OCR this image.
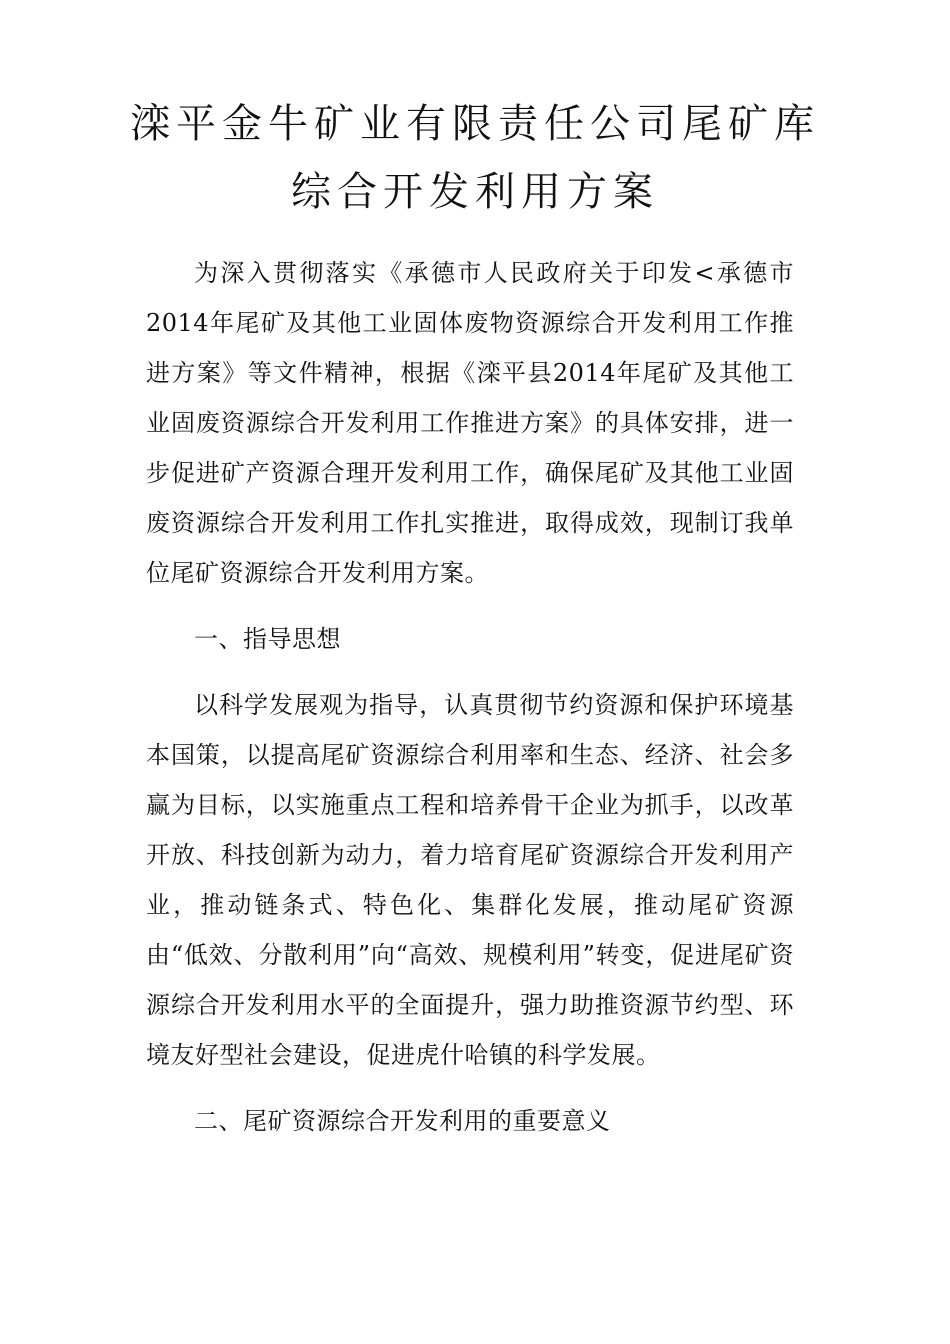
滦平金牛矿业有限责任公司尾矿库
综合开发利用方案

为深入贯彻落实《承德市人民政府关于印发<承德市2014年尾矿及其他工业固体废物资源综合开发利用工作推进方案》等文件精神，根据《滦平县2014年尾矿及其他工业固废资源综合开发利用工作推进方案》的具体安排，进一步促进矿产资源合理开发利用工作，确保尾矿及其他工业固废资源综合开发利用工作扎实推进，取得成效，现制订我单位尾矿资源综合开发利用方案。

一、指导思想

以科学发展观为指导，认真贯彻节约资源和保护环境基本国策，以提高尾矿资源综合利用率和生态、经济、社会多赢为目标，以实施重点工程和培养骨干企业为抓手，以改革开放、科技创新为动力，着力培育尾矿资源综合开发利用产业，推动链条式、特色化、集群化发展，推动尾矿资源由“低效、分散利用”向“高效、规模利用”转变，促进尾矿资源综合开发利用水平的全面提升，强力助推资源节约型、环境友好型社会建设，促进虎什哈镇的科学发展。

二、尾矿资源综合开发利用的重要意义
